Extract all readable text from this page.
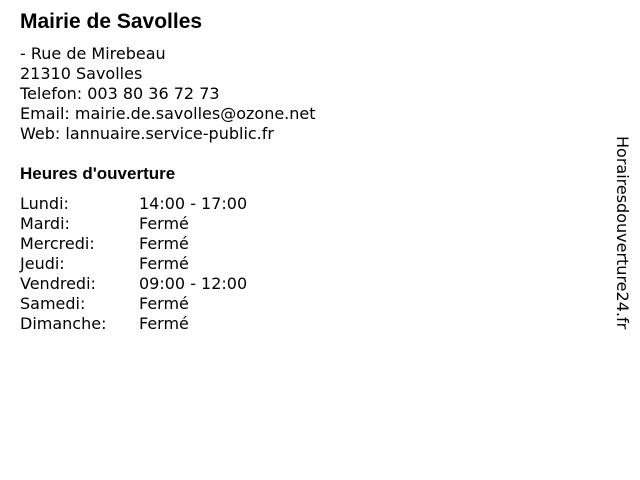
Mairie de Savolles
- Rue de Mirebeau
21310 Savolles
Telefon: 003 80 36 72 73
Email: mairie.de.savolles@ozone.net
Web: lannuaire.service-public.fr
Heures d'ouverture
Lundi:	14:00 - 17:00
Mardi:	Fermé
Mercredi:	Fermé
Jeudi:	Fermé
Vendredi:	09:00 - 12:00
Samedi:	Fermé
Dimanche:	Fermé	Horairesdouverture24.fr
